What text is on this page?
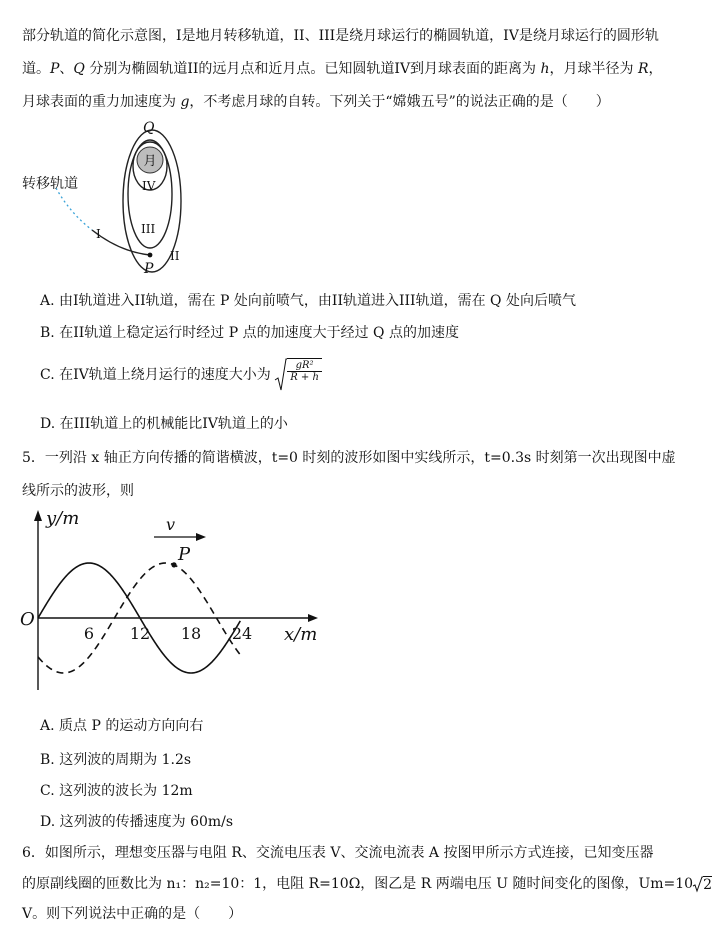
部分轨道的简化示意图，I是地月转移轨道，II、III是绕月球运行的椭圆轨道，IV是绕月球运行的圆形轨
道。P、Q 分别为椭圆轨道II的远月点和近月点。已知圆轨道IV到月球表面的距离为 h，月球半径为 R，
月球表面的重力加速度为 g，不考虑月球的自转。下列关于“嫦娥五号”的说法正确的是（　　）
月
转移轨道
Q
IV
III
I
P
II
A. 由I轨道进入II轨道，需在 P 处向前喷气，由II轨道进入III轨道，需在 Q 处向后喷气
B. 在II轨道上稳定运行时经过 P 点的加速度大于经过 Q 点的加速度
C. 在IV轨道上绕月运行的速度大小为 $\frac{\text{gR²}}{R + h}$
D. 在III轨道上的机械能比IV轨道上的小
5．一列沿 x 轴正方向传播的简谐横波，t=0 时刻的波形如图中实线所示，t=0.3s 时刻第一次出现图中虚
线所示的波形，则
y/m
x/m
O
v
6 12 18 24
P
A. 质点 P 的运动方向向右
B. 这列波的周期为 1.2s
C. 这列波的波长为 12m
D. 这列波的传播速度为 60m/s
6．如图所示，理想变压器与电阻 R、交流电压表 V、交流电流表 A 按图甲所示方式连接，已知变压器
的原副线圈的匝数比为 n₁：n₂=10：1，电阻 R=10Ω，图乙是 R 两端电压 U 随时间变化的图像，Um=10 2
V。则下列说法中正确的是（　　）
